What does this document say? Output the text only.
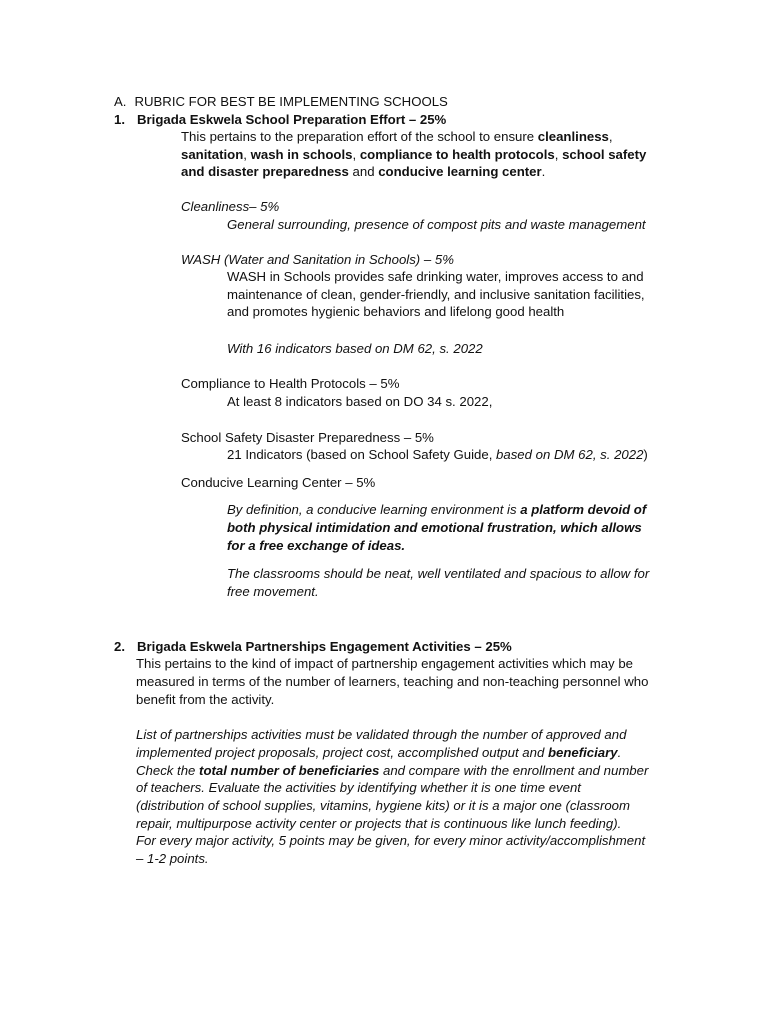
A. RUBRIC FOR BEST BE IMPLEMENTING SCHOOLS
1. Brigada Eskwela School Preparation Effort – 25%
This pertains to the preparation effort of the school to ensure cleanliness,
sanitation, wash in schools, compliance to health protocols, school safety
and disaster preparedness and conducive learning center.
Cleanliness– 5%
General surrounding, presence of compost pits and waste management
WASH (Water and Sanitation in Schools) – 5%
WASH in Schools provides safe drinking water, improves access to and
maintenance of clean, gender-friendly, and inclusive sanitation facilities,
and promotes hygienic behaviors and lifelong good health
With 16 indicators based on DM 62, s. 2022
Compliance to Health Protocols – 5%
At least 8 indicators based on DO 34 s. 2022,
School Safety Disaster Preparedness – 5%
21 Indicators (based on School Safety Guide, based on DM 62, s. 2022)
Conducive Learning Center – 5%
By definition, a conducive learning environment is a platform devoid of
both physical intimidation and emotional frustration, which allows
for a free exchange of ideas.
The classrooms should be neat, well ventilated and spacious to allow for
free movement.
2. Brigada Eskwela Partnerships Engagement Activities – 25%
This pertains to the kind of impact of partnership engagement activities which may be
measured in terms of the number of learners, teaching and non-teaching personnel who
benefit from the activity.
List of partnerships activities must be validated through the number of approved and
implemented project proposals, project cost, accomplished output and beneficiary.
Check the total number of beneficiaries and compare with the enrollment and number
of teachers. Evaluate the activities by identifying whether it is one time event
(distribution of school supplies, vitamins, hygiene kits) or it is a major one (classroom
repair, multipurpose activity center or projects that is continuous like lunch feeding).
For every major activity, 5 points may be given, for every minor activity/accomplishment
– 1-2 points.
